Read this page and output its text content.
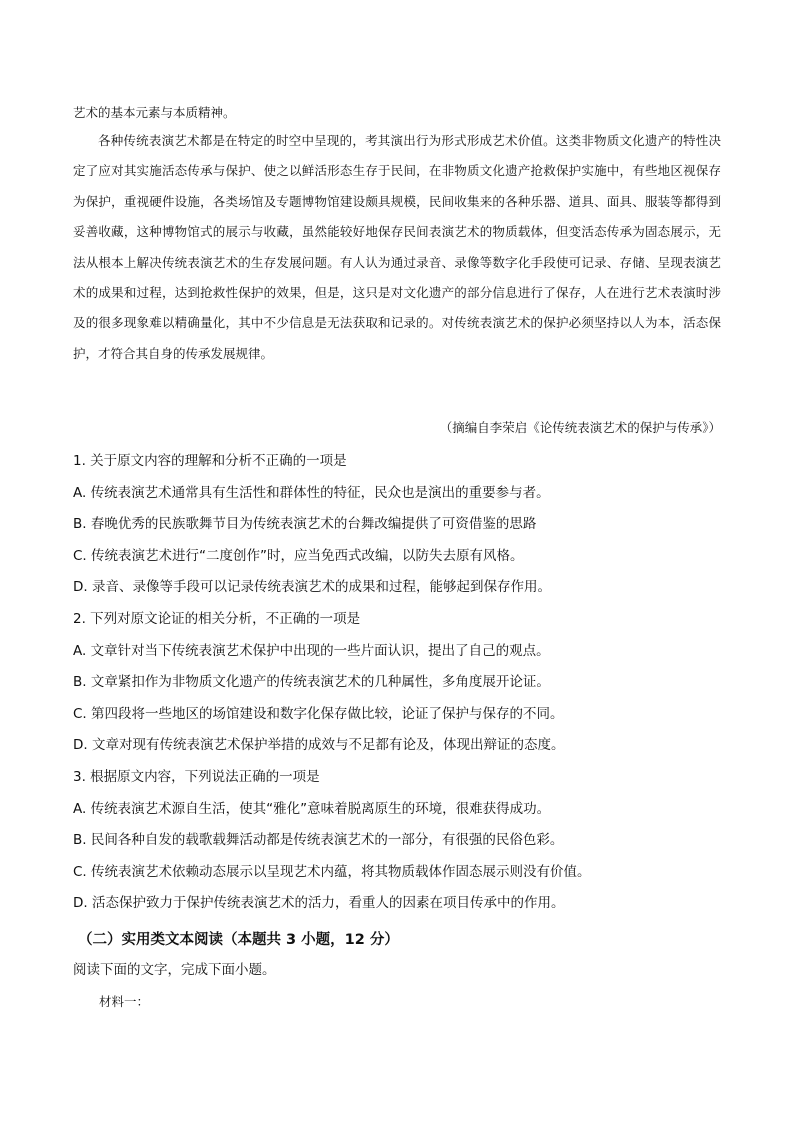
艺术的基本元素与本质精神。

各种传统表演艺术都是在特定的时空中呈现的，考其演出行为形式形成艺术价值。这类非物质文化遗产的特性决定了应对其实施活态传承与保护、使之以鲜活形态生存于民间，在非物质文化遗产抢救保护实施中，有些地区视保存为保护，重视硬件设施，各类场馆及专题博物馆建设颇具规模，民间收集来的各种乐器、道具、面具、服装等都得到妥善收藏，这种博物馆式的展示与收藏，虽然能较好地保存民间表演艺术的物质载体，但变活态传承为固态展示，无法从根本上解决传统表演艺术的生存发展问题。有人认为通过录音、录像等数字化手段使可记录、存储、呈现表演艺术的成果和过程，达到抢救性保护的效果，但是，这只是对文化遗产的部分信息进行了保存，人在进行艺术表演时涉及的很多现象难以精确量化，其中不少信息是无法获取和记录的。对传统表演艺术的保护必须坚持以人为本，活态保护，才符合其自身的传承发展规律。

（摘编自李荣启《论传统表演艺术的保护与传承》）

1. 关于原文内容的理解和分析不正确的一项是

A. 传统表演艺术通常具有生活性和群体性的特征，民众也是演出的重要参与者。

B. 春晚优秀的民族歌舞节目为传统表演艺术的台舞改编提供了可资借鉴的思路

C. 传统表演艺术进行“二度创作”时，应当免西式改编，以防失去原有风格。

D. 录音、录像等手段可以记录传统表演艺术的成果和过程，能够起到保存作用。

2. 下列对原文论证的相关分析，不正确的一项是

A. 文章针对当下传统表演艺术保护中出现的一些片面认识，提出了自己的观点。

B. 文章紧扣作为非物质文化遗产的传统表演艺术的几种属性，多角度展开论证。

C. 第四段将一些地区的场馆建设和数字化保存做比较，论证了保护与保存的不同。

D. 文章对现有传统表演艺术保护举措的成效与不足都有论及，体现出辩证的态度。

3. 根据原文内容，下列说法正确的一项是

A. 传统表演艺术源自生活，使其“雅化”意味着脱离原生的环境，很难获得成功。

B. 民间各种自发的载歌载舞活动都是传统表演艺术的一部分，有很强的民俗色彩。

C. 传统表演艺术依赖动态展示以呈现艺术内蕴，将其物质载体作固态展示则没有价值。

D. 活态保护致力于保护传统表演艺术的活力，看重人的因素在项目传承中的作用。

（二）实用类文本阅读（本题共 3 小题，12 分）

阅读下面的文字，完成下面小题。

材料一：
